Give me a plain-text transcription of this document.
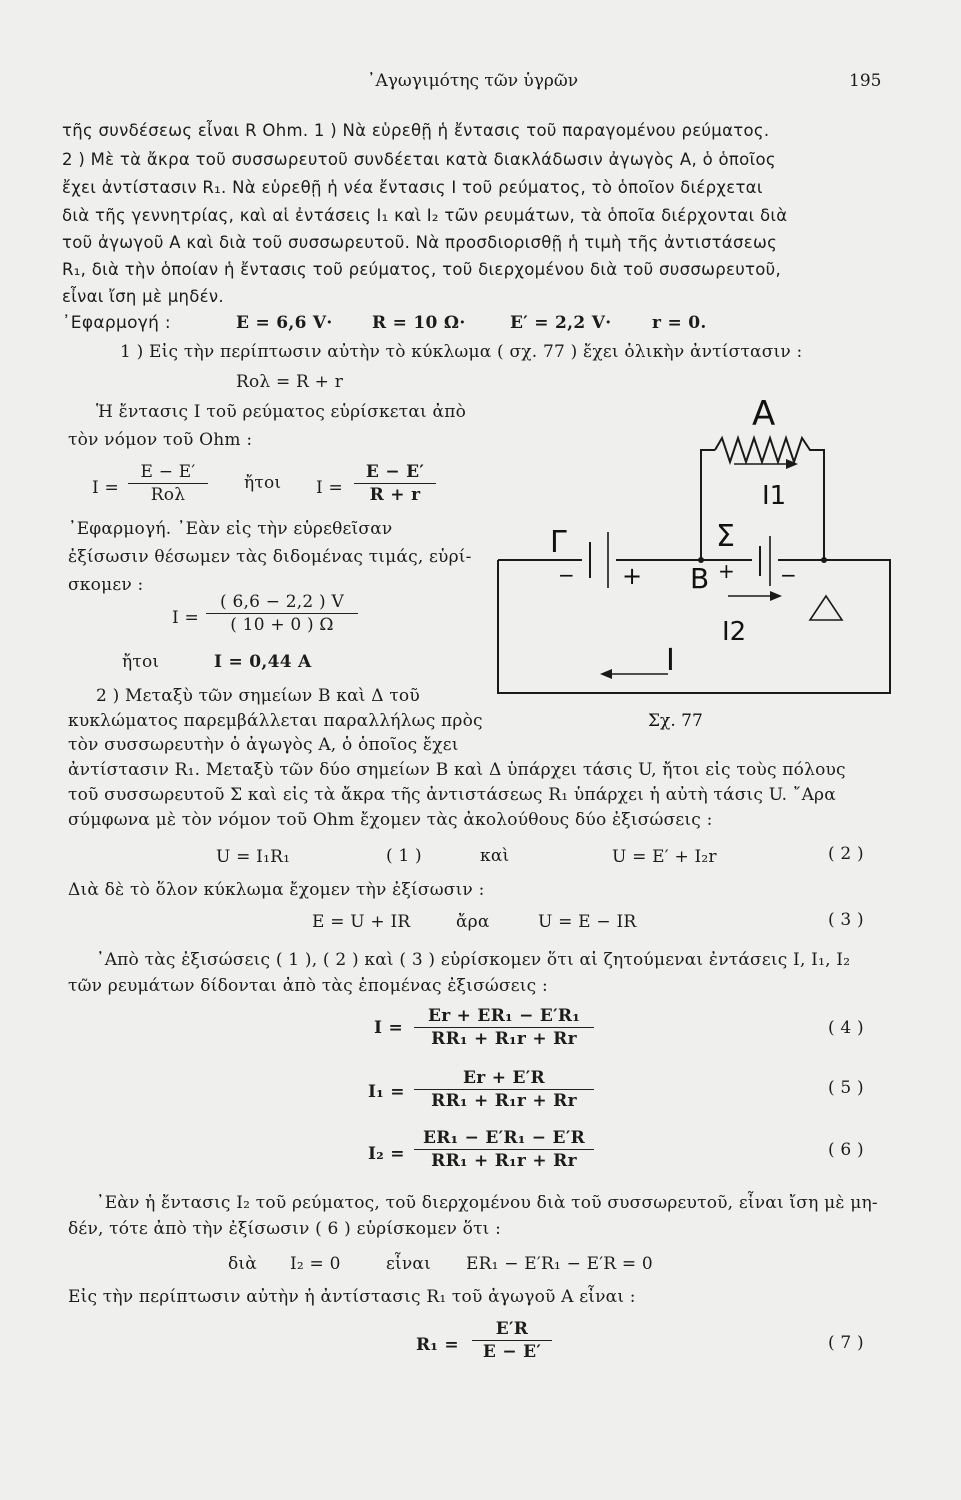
᾿Αγωγιμότης τῶν ὑγρῶν	195
τῆς συνδέσεως εἶναι R Ohm. 1 ) Νὰ εὑρεθῇ ἡ ἔντασις τοῦ παραγομένου ρεύματος.
2 ) Μὲ τὰ ἄκρα τοῦ συσσωρευτοῦ συνδέεται κατὰ διακλάδωσιν ἀγωγὸς Α, ὁ ὁποῖος
ἔχει ἀντίστασιν R₁. Νὰ εὑρεθῇ ἡ νέα ἔντασις I τοῦ ρεύματος, τὸ ὁποῖον διέρχεται
διὰ τῆς γεννητρίας, καὶ αἱ ἐντάσεις I₁ καὶ I₂ τῶν ρευμάτων, τὰ ὁποῖα διέρχονται διὰ
τοῦ ἀγωγοῦ Α καὶ διὰ τοῦ συσσωρευτοῦ. Νὰ προσδιορισθῇ ἡ τιμὴ τῆς ἀντιστάσεως
R₁, διὰ τὴν ὁποίαν ἡ ἔντασις τοῦ ρεύματος, τοῦ διερχομένου διὰ τοῦ συσσωρευτοῦ,
εἶναι ἴση μὲ μηδέν.
᾿Εφαρμογή :	E = 6,6 V· R = 10 Ω·	E′ = 2,2 V· r = 0.
1 ) Εἰς τὴν περίπτωσιν αὐτὴν τὸ κύκλωμα ( σχ. 77 ) ἔχει ὁλικὴν ἀντίστασιν :
Rολ = R + r
Ἡ ἔντασις I τοῦ ρεύματος εὑρίσκεται ἀπὸ
τὸν νόμον τοῦ Ohm :
I =
E − E′
Rολ
ἤτοι I =
E − E′
R + r
᾿Εφαρμογή. ᾿Εὰν εἰς τὴν εὑρεθεῖσαν
ἐξίσωσιν θέσωμεν τὰς διδομένας τιμάς, εὑρί-
σκομεν :
I =
( 6,6 − 2,2 ) V
( 10 + 0 ) Ω
ἤτοι	I = 0,44 A
2 ) Μεταξὺ τῶν σημείων Β καὶ Δ τοῦ
κυκλώματος παρεμβάλλεται παραλλήλως πρὸς
τὸν συσσωρευτὴν ὁ ἀγωγὸς Α, ὁ ὁποῖος ἔχει
ἀντίστασιν R₁. Μεταξὺ τῶν δύο σημείων Β καὶ Δ ὑπάρχει τάσις U, ἤτοι εἰς τοὺς πόλους
τοῦ συσσωρευτοῦ Σ καὶ εἰς τὰ ἄκρα τῆς ἀντιστάσεως R₁ ὑπάρχει ἡ αὐτὴ τάσις U. ῎Αρα
σύμφωνα μὲ τὸν νόμον τοῦ Ohm ἔχομεν τὰς ἀκολούθους δύο ἐξισώσεις :
U = I₁R₁	( 1 )	καὶ	U = E′ + I₂r	( 2 )
Διὰ δὲ τὸ ὅλον κύκλωμα ἔχομεν τὴν ἐξίσωσιν :
E = U + IR	ἄρα	U = E − IR	( 3 )
᾿Απὸ τὰς ἐξισώσεις ( 1 ), ( 2 ) καὶ ( 3 ) εὑρίσκομεν ὅτι αἱ ζητούμεναι ἐντάσεις I, I₁, I₂
τῶν ρευμάτων δίδονται ἀπὸ τὰς ἑπομένας ἐξισώσεις :
I =
Er + ER₁ − E′R₁
RR₁ + R₁r + Rr
( 4 )
I₁ =
Er + E′R
RR₁ + R₁r + Rr
( 5 )
I₂ =
ER₁ − E′R₁ − E′R
RR₁ + R₁r + Rr
( 6 )
᾿Εὰν ἡ ἔντασις I₂ τοῦ ρεύματος, τοῦ διερχομένου διὰ τοῦ συσσωρευτοῦ, εἶναι ἴση μὲ μη-
δέν, τότε ἀπὸ τὴν ἐξίσωσιν ( 6 ) εὑρίσκομεν ὅτι :
διὰ I₂ = 0	εἶναι ER₁ − E′R₁ − E′R = 0
Εἰς τὴν περίπτωσιν αὐτὴν ἡ ἀντίστασις R₁ τοῦ ἀγωγοῦ Α εἶναι :
R₁ =
E′R
E − E′	( 7 )
Α
I1
Γ	Σ
− + Β + −
I2
I
Σχ. 77
